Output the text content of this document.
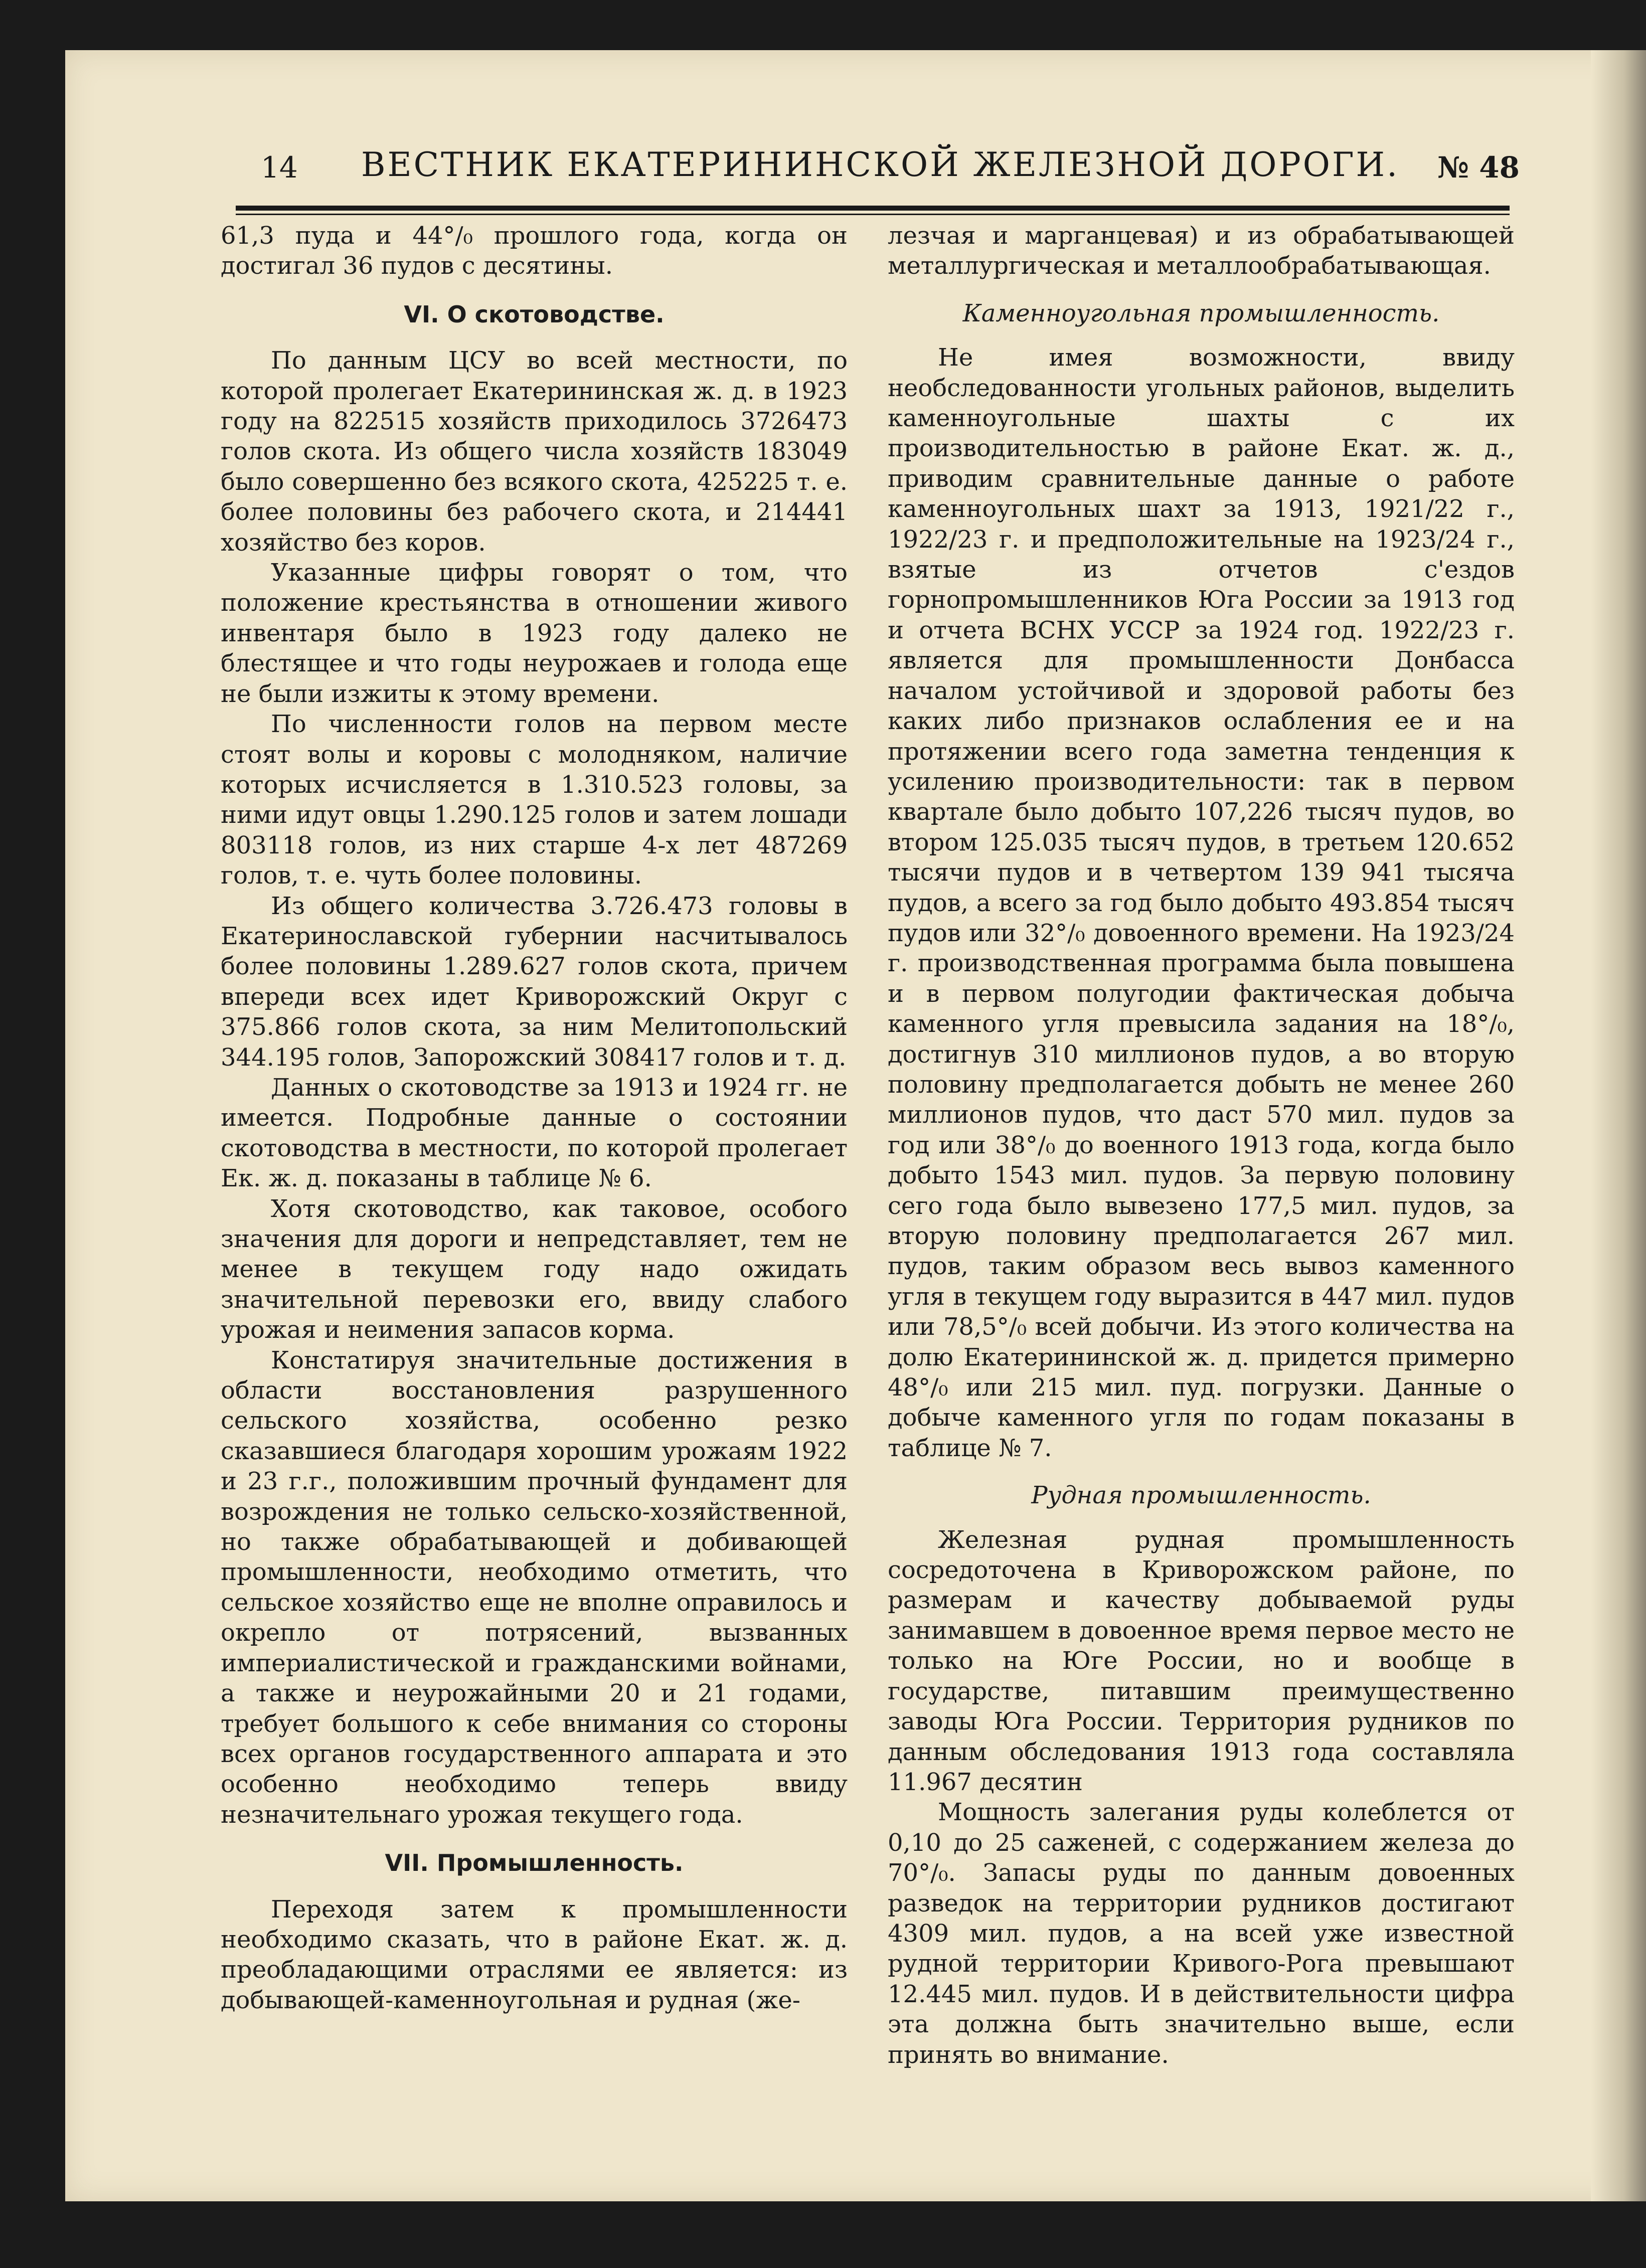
14 ВЕСТНИК ЕКАТЕРИНИНСКОЙ ЖЕЛЕЗНОЙ ДОРОГИ. № 48

61,3 пуда и 44°/₀ прошлого года, когда он достигал 36 пудов с десятины.

VI. О скотоводстве.

По данным ЦСУ во всей местности, по которой пролегает Екатерининская ж. д. в 1923 году на 822515 хозяйств приходилось 3726473 голов скота. Из общего числа хозяйств 183049 было совершенно без всякого скота, 425225 т. е. более половины без рабочего скота, и 214441 хозяйство без коров.

Указанные цифры говорят о том, что положение крестьянства в отношении живого инвентаря было в 1923 году далеко не блестящее и что годы неурожаев и голода еще не были изжиты к этому времени.

По численности голов на первом месте стоят волы и коровы с молодняком, наличие которых исчисляется в 1.310.523 головы, за ними идут овцы 1.290.125 голов и затем лошади 803118 голов, из них старше 4-х лет 487269 голов, т. е. чуть более половины.

Из общего количества 3.726.473 головы в Екатеринославской губернии насчитывалось более половины 1.289.627 голов скота, причем впереди всех идет Криворожский Округ с 375.866 голов скота, за ним Мелитопольский 344.195 голов, Запорожский 308417 голов и т. д.

Данных о скотоводстве за 1913 и 1924 гг. не имеется. Подробные данные о состоянии скотоводства в местности, по которой пролегает Ек. ж. д. показаны в таблице № 6.

Хотя скотоводство, как таковое, особого значения для дороги и непредставляет, тем не менее в текущем году надо ожидать значительной перевозки его, ввиду слабого урожая и неимения запасов корма.

Констатируя значительные достижения в области восстановления разрушенного сельского хозяйства, особенно резко сказавшиеся благодаря хорошим урожаям 1922 и 23 г.г., положившим прочный фундамент для возрождения не только сельско-хозяйственной, но также обрабатывающей и добивающей промышленности, необходимо отметить, что сельское хозяйство еще не вполне оправилось и окрепло от потрясений, вызванных империалистической и гражданскими войнами, а также и неурожайными 20 и 21 годами, требует большого к себе внимания со стороны всех органов государственного аппарата и это особенно необходимо теперь ввиду незначительнаго урожая текущего года.

VII. Промышленность.

Переходя затем к промышленности необходимо сказать, что в районе Екат. ж. д. преобладающими отраслями ее является: из добывающей-каменноугольная и рудная (же-

лезчая и марганцевая) и из обрабатывающей металлургическая и металлообрабатывающая.

Каменноугольная промышленность.

Не имея возможности, ввиду необследованности угольных районов, выделить каменноугольные шахты с их производительностью в районе Екат. ж. д., приводим сравнительные данные о работе каменноугольных шахт за 1913, 1921/22 г., 1922/23 г. и предположительные на 1923/24 г., взятые из отчетов с'ездов горнопромышленников Юга России за 1913 год и отчета ВСНХ УССР за 1924 год. 1922/23 г. является для промышленности Донбасса началом устойчивой и здоровой работы без каких либо признаков ослабления ее и на протяжении всего года заметна тенденция к усилению производительности: так в первом квартале было добыто 107,226 тысяч пудов, во втором 125.035 тысяч пудов, в третьем 120.652 тысячи пудов и в четвертом 139 941 тысяча пудов, а всего за год было добыто 493.854 тысяч пудов или 32°/₀ довоенного времени. На 1923/24 г. производственная программа была повышена и в первом полугодии фактическая добыча каменного угля превысила задания на 18°/₀, достигнув 310 миллионов пудов, а во вторую половину предполагается добыть не менее 260 миллионов пудов, что даст 570 мил. пудов за год или 38°/₀ до военного 1913 года, когда было добыто 1543 мил. пудов. За первую половину сего года было вывезено 177,5 мил. пудов, за вторую половину предполагается 267 мил. пудов, таким образом весь вывоз каменного угля в текущем году выразится в 447 мил. пудов или 78,5°/₀ всей добычи. Из этого количества на долю Екатерининской ж. д. придется примерно 48°/₀ или 215 мил. пуд. погрузки. Данные о добыче каменного угля по годам показаны в таблице № 7.

Рудная промышленность.

Железная рудная промышленность сосредоточена в Криворожском районе, по размерам и качеству добываемой руды занимавшем в довоенное время первое место не только на Юге России, но и вообще в государстве, питавшим преимущественно заводы Юга России. Территория рудников по данным обследования 1913 года составляла 11.967 десятин

Мощность залегания руды колеблется от 0,10 до 25 саженей, с содержанием железа до 70°/₀. Запасы руды по данным довоенных разведок на территории рудников достигают 4309 мил. пудов, а на всей уже известной рудной территории Кривого-Рога превышают 12.445 мил. пудов. И в действительности цифра эта должна быть значительно выше, если принять во внимание.
